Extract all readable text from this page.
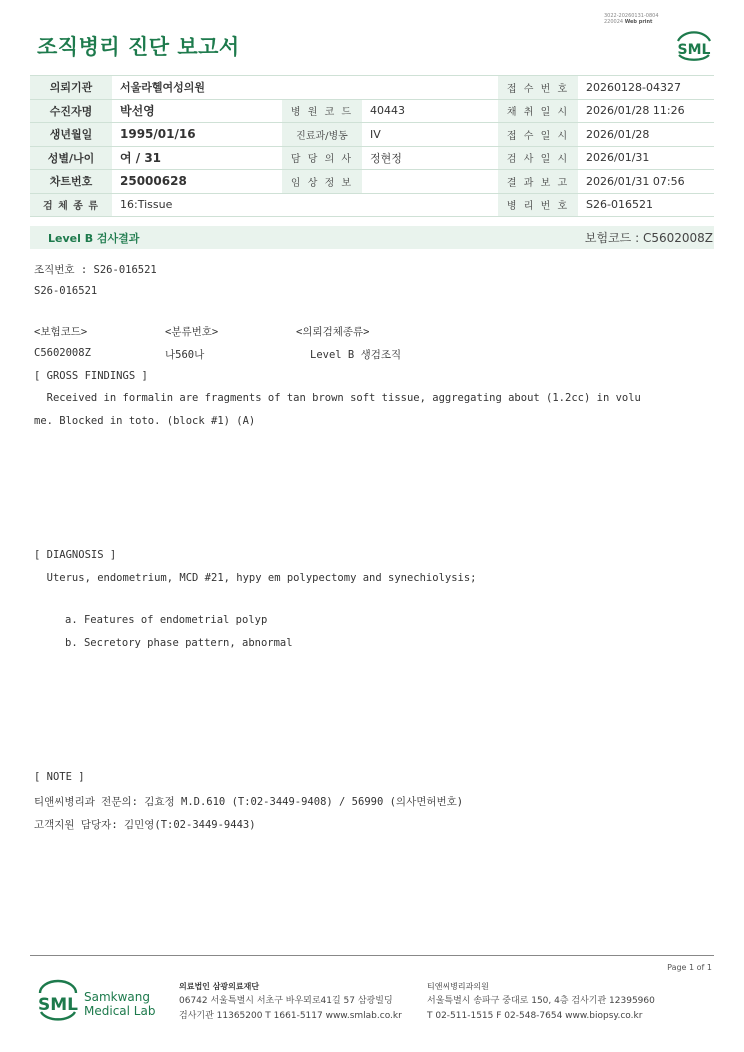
조직병리 진단 보고서
3022-20260131-0804
220024 Web print
SML
의뢰기관	서울라헬여성의원			접 수 번 호	20260128-04327
수진자명	박선영	병 원 코 드	40443	채 취 일 시	2026/01/28 11:26
생년월일	1995/01/16	진료과/병동	IV	접 수 일 시	2026/01/28
성별/나이	여 / 31	담 당 의 사	정현정	검 사 일 시	2026/01/31
차트번호	25000628	임 상 정 보		결 과 보 고	2026/01/31 07:56
검 체 종 류	16:Tissue			병 리 번 호	S26-016521
Level B 검사결과	보험코드 : C5602008Z
조직번호 : S26-016521
S26-016521
<보험코드>	<분류번호>	<의뢰검체종류>
C5602008Z	나560나	Level B 생검조직
[ GROSS FINDINGS ]
Received in formalin are fragments of tan brown soft tissue, aggregating about (1.2cc) in volu
me. Blocked in toto. (block #1) (A)
[ DIAGNOSIS ]
Uterus, endometrium, MCD #21, hypy em polypectomy and synechiolysis;
a. Features of endometrial polyp
b. Secretory phase pattern, abnormal
[ NOTE ]
티앤씨병리과 전문의: 김효정 M.D.610 (T:02-3449-9408) / 56990 (의사면허번호)
고객지원 담당자: 김민영(T:02-3449-9443)
Page 1 of 1
SML Samkwang
Medical Lab
의료법인 삼광의료재단
06742 서울특별시 서초구 바우뫼로41길 57 삼광빌딩
검사기관 11365200 T 1661-5117 www.smlab.co.kr
티앤씨병리과의원
서울특별시 송파구 중대로 150, 4층 검사기관 12395960
T 02-511-1515 F 02-548-7654 www.biopsy.co.kr
